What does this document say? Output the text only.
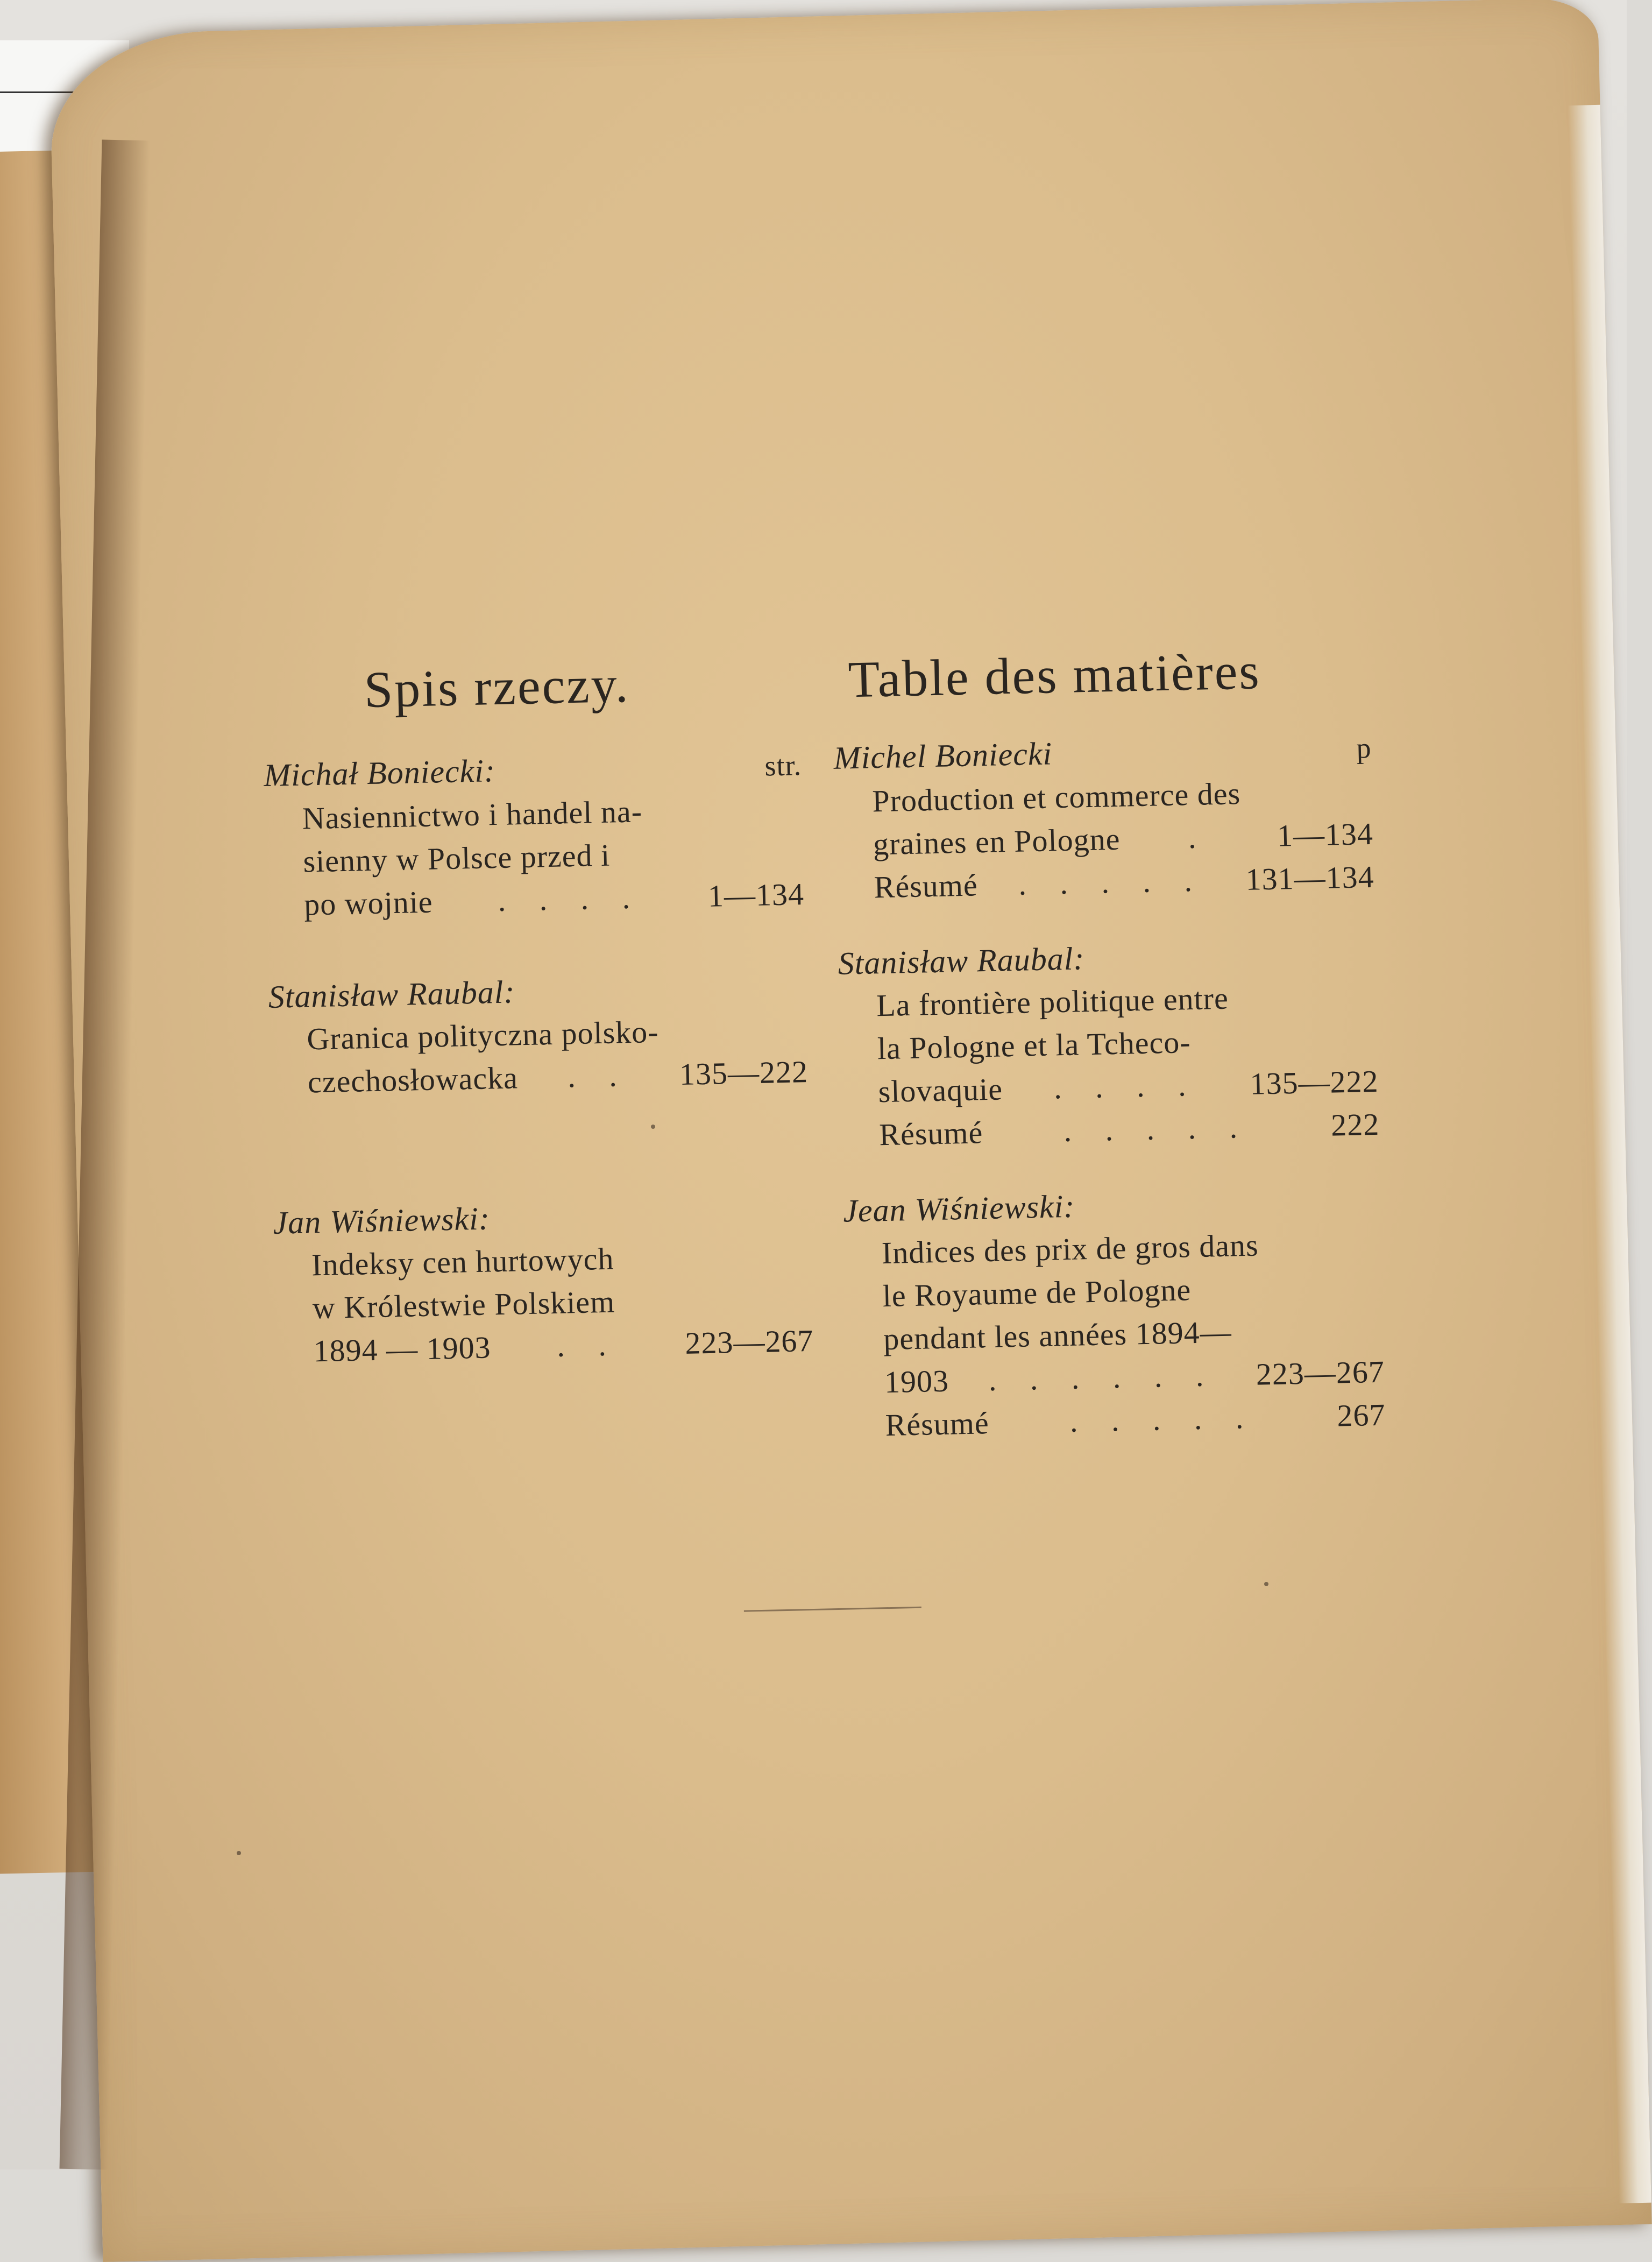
Spis rzeczy.
Michał Boniecki:	str.
Nasiennictwo i handel na-
sienny w Polsce przed i
po wojnie . . . . 1—134
Stanisław Raubal:
Granica polityczna polsko-
czechosłowacka . . 135—222
Jan Wiśniewski:
Indeksy cen hurtowych
w Królestwie Polskiem
1894 — 1903 . . 223—267
Table des matières
Michel Boniecki	p
Production et commerce des
graines en Pologne . 1—134
Résumé . . . . . 131—134
Stanisław Raubal:
La frontière politique entre
la Pologne et la Tcheco-
slovaquie . . . . 135—222
Résumé	. . . . .	222
Jean Wiśniewski:
Indices des prix de gros dans
le Royaume de Pologne
pendant les années 1894—
1903 . . . . . . 223—267
Résumé	. . . . .	267
